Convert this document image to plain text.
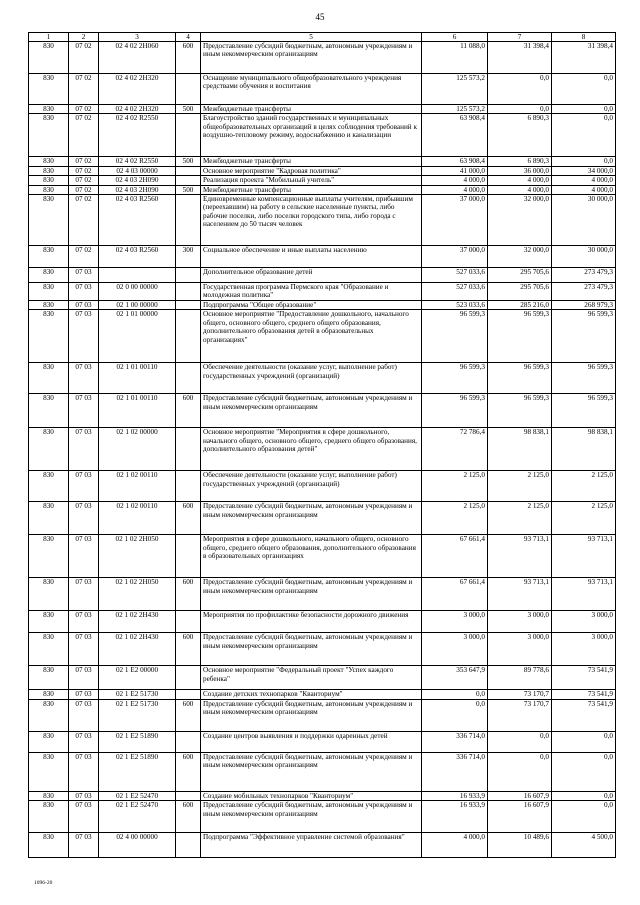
45
1	2	3	4	5	6	7	8
830	07 02	02 4 02 2H060	600	Предоставление субсидий бюджетным, автономным учреждениям и иным некоммерческим организациям	11 088,0	31 398,4	31 398,4
830	07 02	02 4 02 2H320		Оснащение муниципального общеобразовательного учреждения средствами обучения и воспитания	125 573,2	0,0	0,0
830	07 02	02 4 02 2H320	500	Межбюджетные трансферты	125 573,2	0,0	0,0
830	07 02	02 4 02 R2550		Благоустройство зданий государственных и муниципальных общеобразовательных организаций в целях соблюдения требований к воздушно-тепловому режиму, водоснабжению и канализации	63 908,4	6 890,3	0,0
830	07 02	02 4 02 R2550	500	Межбюджетные трансферты	63 908,4	6 890,3	0,0
830	07 02	02 4 03 00000		Основное мероприятие "Кадровая политика"	41 000,0	36 000,0	34 000,0
830	07 02	02 4 03 2H090		Реализация проекта "Мобильный учитель"	4 000,0	4 000,0	4 000,0
830	07 02	02 4 03 2H090	500	Межбюджетные трансферты	4 000,0	4 000,0	4 000,0
830	07 02	02 4 03 R2560		Единовременные компенсационные выплаты учителям, прибывшим (переехавшим) на работу в сельские населенные пункты, либо рабочие поселки, либо поселки городского типа, либо города с населением до 50 тысяч человек	37 000,0	32 000,0	30 000,0
830	07 02	02 4 03 R2560	300	Социальное обеспечение и иные выплаты населению	37 000,0	32 000,0	30 000,0
830	07 03			Дополнительное образование детей	527 033,6	295 705,6	273 479,3
830	07 03	02 0 00 00000		Государственная программа Пермского края "Образование и молодежная политика"	527 033,6	295 705,6	273 479,3
830	07 03	02 1 00 00000		Подпрограмма "Общее образование"	523 033,6	285 216,0	268 979,3
830	07 03	02 1 01 00000		Основное мероприятие "Предоставление дошкольного, начального общего, основного общего, среднего общего образования, дополнительного образования детей в образовательных организациях"	96 599,3	96 599,3	96 599,3
830	07 03	02 1 01 00110		Обеспечение деятельности (оказание услуг, выполнение работ) государственных учреждений (организаций)	96 599,3	96 599,3	96 599,3
830	07 03	02 1 01 00110	600	Предоставление субсидий бюджетным, автономным учреждениям и иным некоммерческим организациям	96 599,3	96 599,3	96 599,3
830	07 03	02 1 02 00000		Основное мероприятие "Мероприятия в сфере дошкольного, начального общего, основного общего, среднего общего образования, дополнительного образования детей"	72 786,4	98 838,1	98 838,1
830	07 03	02 1 02 00110		Обеспечение деятельности (оказание услуг, выполнение работ) государственных учреждений (организаций)	2 125,0	2 125,0	2 125,0
830	07 03	02 1 02 00110	600	Предоставление субсидий бюджетным, автономным учреждениям и иным некоммерческим организациям	2 125,0	2 125,0	2 125,0
830	07 03	02 1 02 2H050		Мероприятия в сфере дошкольного, начального общего, основного общего, среднего общего образования, дополнительного образования в образовательных организациях	67 661,4	93 713,1	93 713,1
830	07 03	02 1 02 2H050	600	Предоставление субсидий бюджетным, автономным учреждениям и иным некоммерческим организациям	67 661,4	93 713,1	93 713,1
830	07 03	02 1 02 2H430		Мероприятия по профилактике безопасности дорожного движения	3 000,0	3 000,0	3 000,0
830	07 03	02 1 02 2H430	600	Предоставление субсидий бюджетным, автономным учреждениям и иным некоммерческим организациям	3 000,0	3 000,0	3 000,0
830	07 03	02 1 E2 00000		Основное мероприятие "Федеральный проект "Успех каждого ребенка"	353 647,9	89 778,6	73 541,9
830	07 03	02 1 E2 51730		Создание детских технопарков "Кванториум"	0,0	73 170,7	73 541,9
830	07 03	02 1 E2 51730	600	Предоставление субсидий бюджетным, автономным учреждениям и иным некоммерческим организациям	0,0	73 170,7	73 541,9
830	07 03	02 1 E2 51890		Создание центров выявления и поддержки одаренных детей	336 714,0	0,0	0,0
830	07 03	02 1 E2 51890	600	Предоставление субсидий бюджетным, автономным учреждениям и иным некоммерческим организациям	336 714,0	0,0	0,0
830	07 03	02 1 E2 52470		Создание мобильных технопарков "Кванториум"	16 933,9	16 607,9	0,0
830	07 03	02 1 E2 52470	600	Предоставление субсидий бюджетным, автономным учреждениям и иным некоммерческим организациям	16 933,9	16 607,9	0,0
830	07 03	02 4 00 00000		Подпрограмма "Эффективное управление системой образования"	4 000,0	10 489,6	4 500,0
1096-20
